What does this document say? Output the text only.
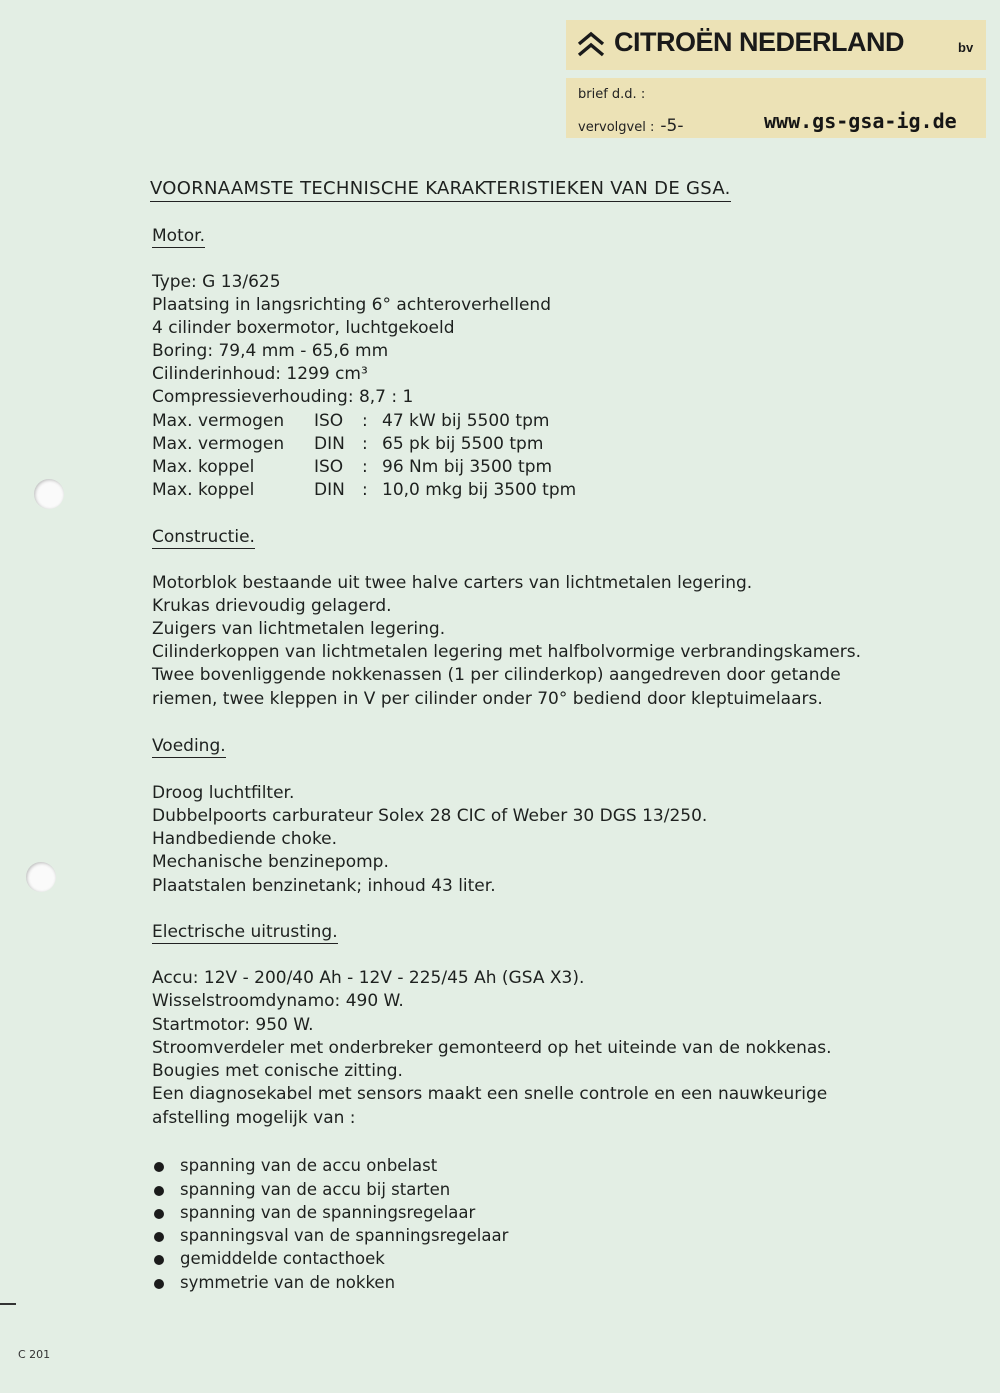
CITROËN NEDERLAND	bv
brief d.d. :
vervolgvel : -5-	www.gs-gsa-ig.de
VOORNAAMSTE TECHNISCHE KARAKTERISTIEKEN VAN DE GSA.
Motor.
Type: G 13/625
Plaatsing in langsrichting 6° achteroverhellend
4 cilinder boxermotor, luchtgekoeld
Boring: 79,4 mm - 65,6 mm
Cilinderinhoud: 1299 cm³
Compressieverhouding: 8,7 : 1
Max. vermogen ISO : 47 kW bij 5500 tpm
Max. vermogen DIN : 65 pk bij 5500 tpm
Max. koppel	ISO : 96 Nm bij 3500 tpm
Max. koppel	DIN : 10,0 mkg bij 3500 tpm
Constructie.
Motorblok bestaande uit twee halve carters van lichtmetalen legering.
Krukas drievoudig gelagerd.
Zuigers van lichtmetalen legering.
Cilinderkoppen van lichtmetalen legering met halfbolvormige verbrandingskamers.
Twee bovenliggende nokkenassen (1 per cilinderkop) aangedreven door getande
riemen, twee kleppen in V per cilinder onder 70° bediend door kleptuimelaars.
Voeding.
Droog luchtfilter.
Dubbelpoorts carburateur Solex 28 CIC of Weber 30 DGS 13/250.
Handbediende choke.
Mechanische benzinepomp.
Plaatstalen benzinetank; inhoud 43 liter.
Electrische uitrusting.
Accu: 12V - 200/40 Ah - 12V - 225/45 Ah (GSA X3).
Wisselstroomdynamo: 490 W.
Startmotor: 950 W.
Stroomverdeler met onderbreker gemonteerd op het uiteinde van de nokkenas.
Bougies met conische zitting.
Een diagnosekabel met sensors maakt een snelle controle en een nauwkeurige
afstelling mogelijk van :
spanning van de accu onbelast
spanning van de accu bij starten
spanning van de spanningsregelaar
spanningsval van de spanningsregelaar
gemiddelde contacthoek
symmetrie van de nokken
C 201
